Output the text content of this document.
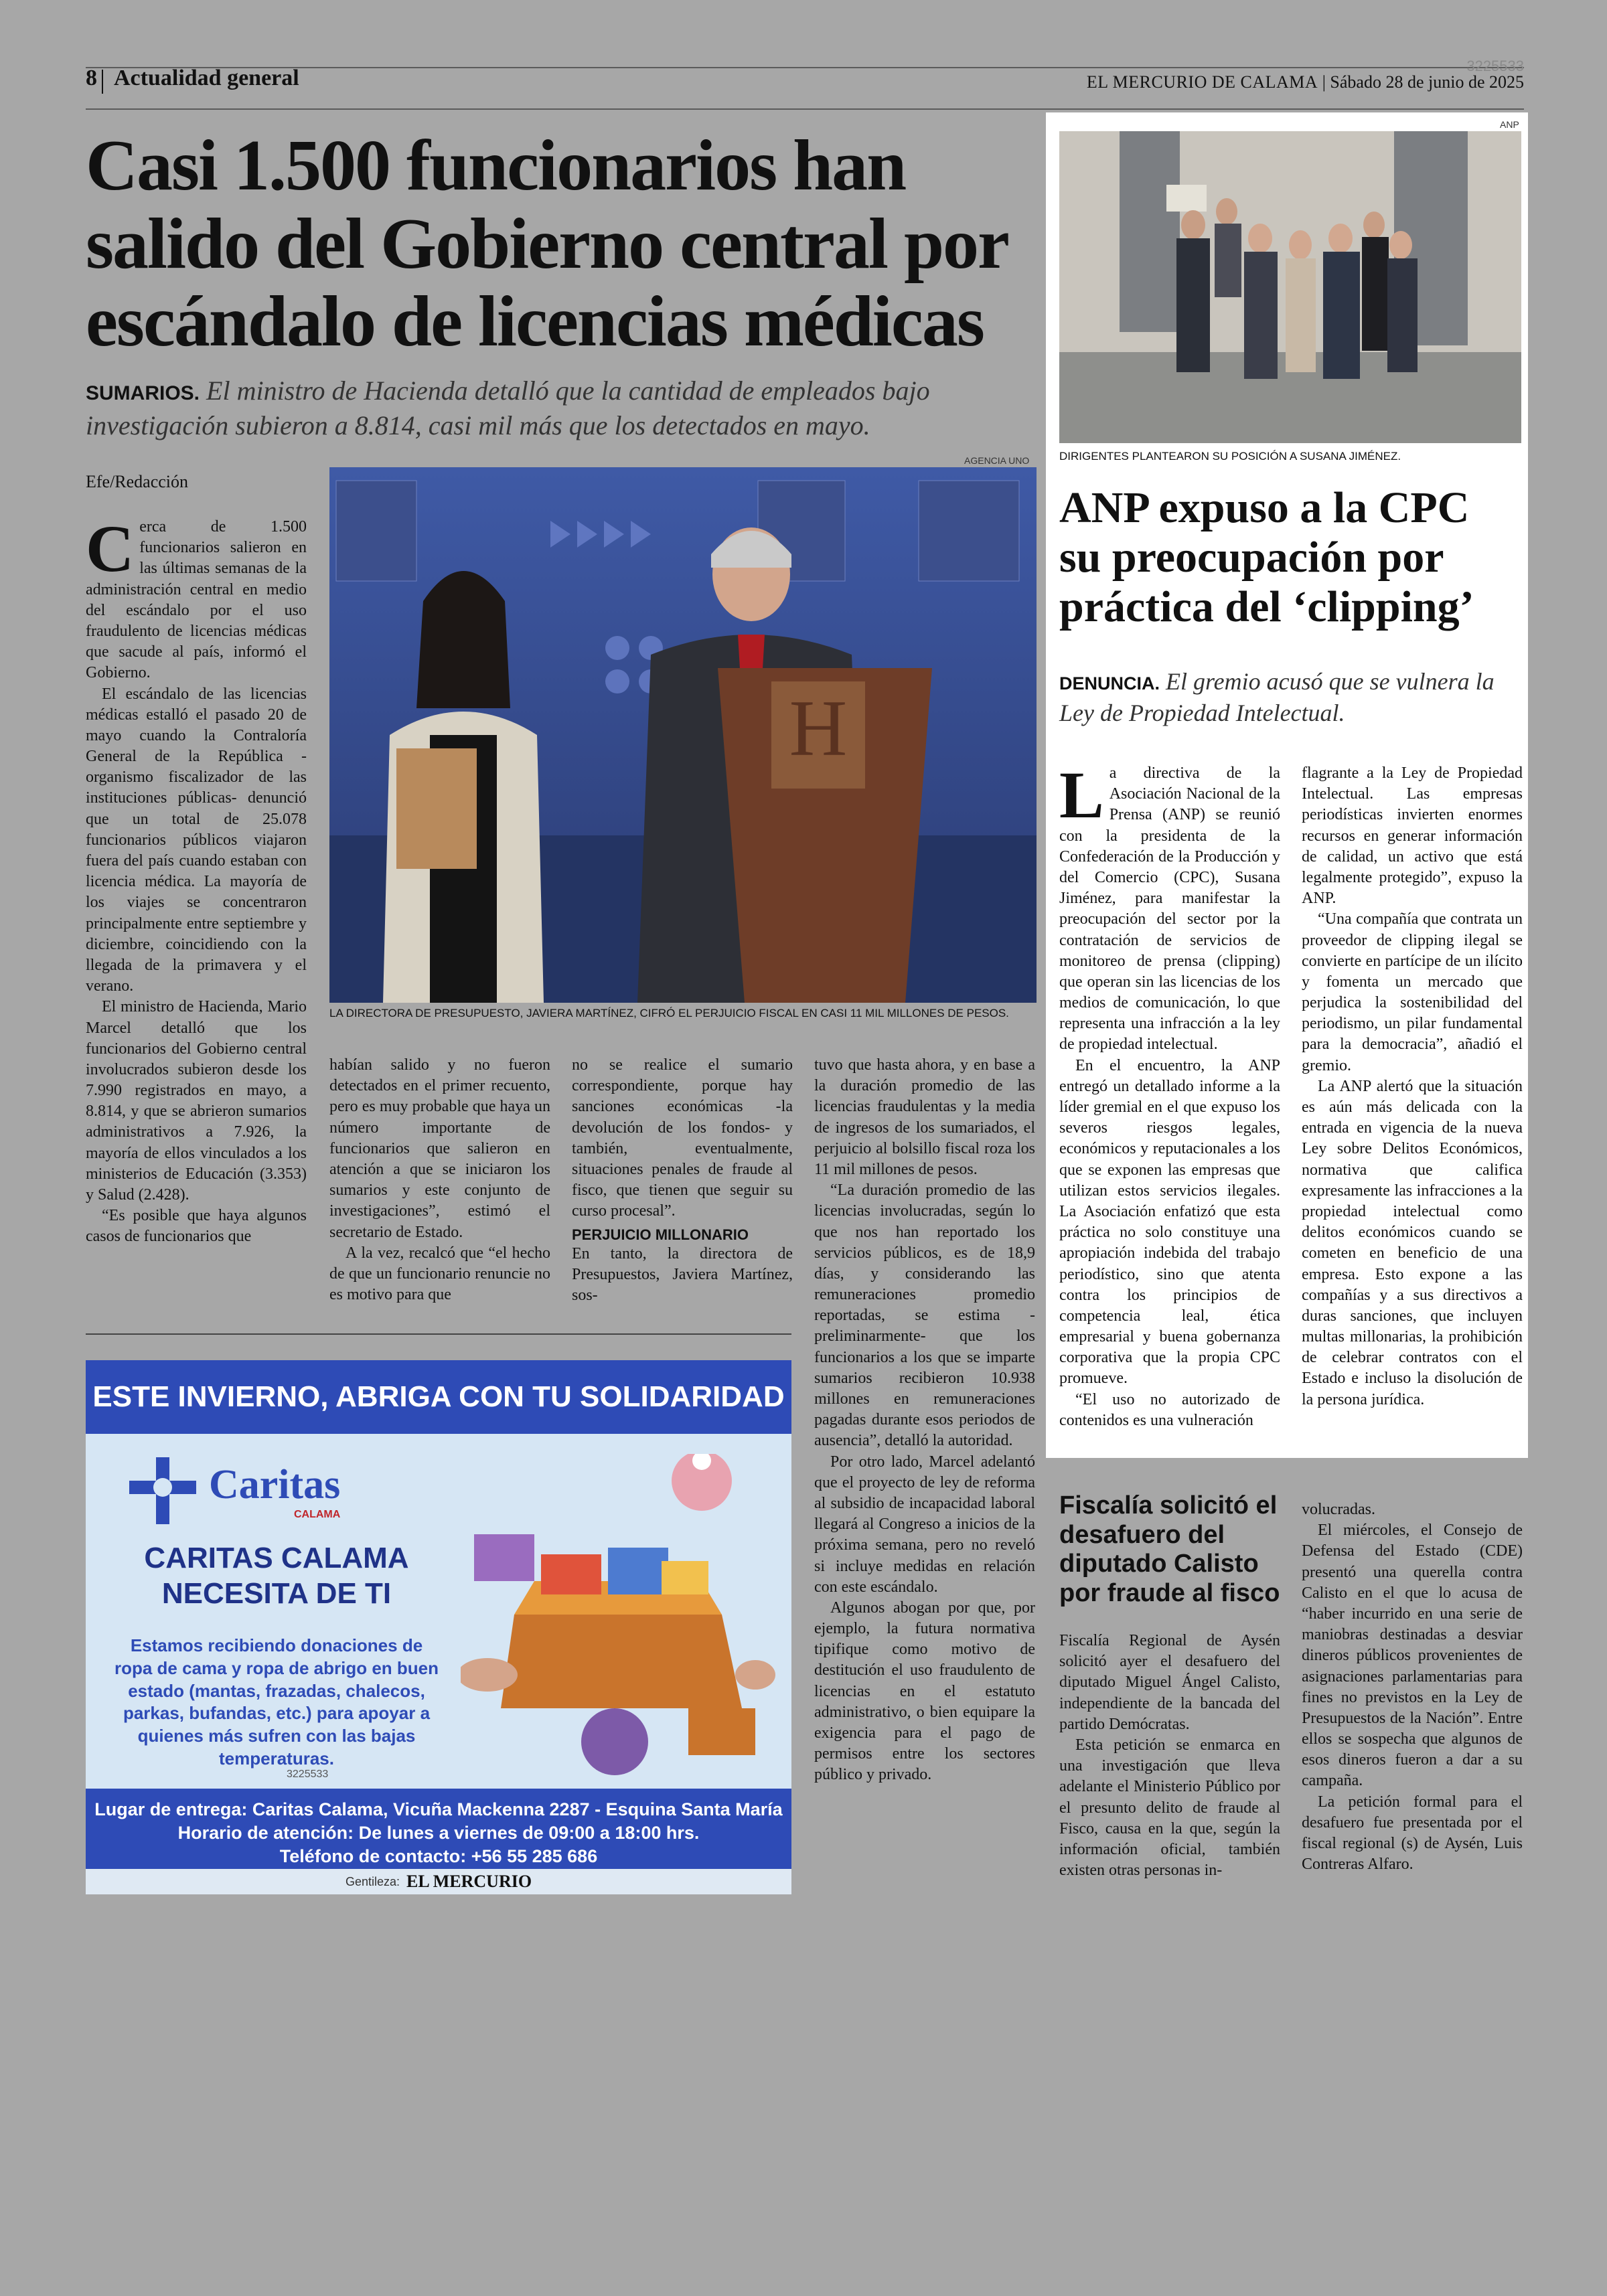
8 Actualidad general	3225533
EL MERCURIO DE CALAMA | Sábado 28 de junio de 2025
Casi 1.500 funcionarios han salido del Gobierno central por escándalo de licencias médicas
SUMARIOS. El ministro de Hacienda detalló que la cantidad de empleados bajo investigación subieron a 8.814, casi mil más que los detectados en mayo.
Efe/Redacción
AGENCIA UNO
H
LA DIRECTORA DE PRESUPUESTO, JAVIERA MARTÍNEZ, CIFRÓ EL PERJUICIO FISCAL EN CASI 11 MIL MILLONES DE PESOS.

Cerca de 1.500 funcionarios salieron en las últimas semanas de la administración central en medio del escándalo por el uso fraudulento de licencias médicas que sacude al país, informó el Gobierno.

El escándalo de las licencias médicas estalló el pasado 20 de mayo cuando la Contraloría General de la República -organismo fiscalizador de las instituciones públicas- denunció que un total de 25.078 funcionarios públicos viajaron fuera del país cuando estaban con licencia médica. La mayoría de los viajes se concentraron principalmente entre septiembre y diciembre, coincidiendo con la llegada de la primavera y el verano.

El ministro de Hacienda, Mario Marcel detalló que los funcionarios del Gobierno central involucrados subieron desde los 7.990 registrados en mayo, a 8.814, y que se abrieron sumarios administrativos a 7.926, la mayoría de ellos vinculados a los ministerios de Educación (3.353) y Salud (2.428).

“Es posible que haya algunos casos de funcionarios que

habían salido y no fueron detectados en el primer recuento, pero es muy probable que haya un número importante de funcionarios que salieron en atención a que se iniciaron los sumarios y este conjunto de investigaciones”, estimó el secretario de Estado.

A la vez, recalcó que “el hecho de que un funcionario renuncie no es motivo para que

no se realice el sumario correspondiente, porque hay sanciones económicas -la devolución de los fondos- y también, eventualmente, situaciones penales de fraude al fisco, que tienen que seguir su curso procesal”.

PERJUICIO MILLONARIO

En tanto, la directora de Presupuestos, Javiera Martínez, sos-

tuvo que hasta ahora, y en base a la duración promedio de las licencias fraudulentas y la media de ingresos de los sumariados, el perjuicio al bolsillo fiscal roza los 11 mil millones de pesos.

“La duración promedio de las licencias involucradas, según lo que nos han reportado los servicios públicos, es de 18,9 días, y considerando las remuneraciones promedio reportadas, se estima -preliminarmente- que los funcionarios a los que se imparte sumarios recibieron 10.938 millones en remuneraciones pagadas durante esos periodos de ausencia”, detalló la autoridad.

Por otro lado, Marcel adelantó que el proyecto de ley de reforma al subsidio de incapacidad laboral llegará al Congreso a inicios de la próxima semana, pero no reveló si incluye medidas en relación con este escándalo.

Algunos abogan por que, por ejemplo, la futura normativa tipifique como motivo de destitución el uso fraudulento de licencias en el estatuto administrativo, o bien equipare la exigencia para el pago de permisos entre los sectores público y privado.

ESTE INVIERNO, ABRIGA CON TU SOLIDARIDAD
Caritas
CALAMA
CARITAS CALAMA NECESITA DE TI
Estamos recibiendo donaciones de ropa de cama y ropa de abrigo en buen estado (mantas, frazadas, chalecos, parkas, bufandas, etc.) para apoyar a quienes más sufren con las bajas temperaturas.
3225533
Lugar de entrega: Caritas Calama, Vicuña Mackenna 2287 - Esquina Santa María
Horario de atención: De lunes a viernes de 09:00 a 18:00 hrs.
Teléfono de contacto: +56 55 285 686
Gentileza: EL MERCURIO
ANP
DIRIGENTES PLANTEARON SU POSICIÓN A SUSANA JIMÉNEZ.
ANP expuso a la CPC su preocupación por práctica del ‘clipping’
DENUNCIA. El gremio acusó que se vulnera la Ley de Propiedad Intelectual.

La directiva de la Asociación Nacional de la Prensa (ANP) se reunió con la presidenta de la Confederación de la Producción y del Comercio (CPC), Susana Jiménez, para manifestar la preocupación del sector por la contratación de servicios de monitoreo de prensa (clipping) que operan sin las licencias de los medios de comunicación, lo que representa una infracción a la ley de propiedad intelectual.

En el encuentro, la ANP entregó un detallado informe a la líder gremial en el que expuso los severos riesgos legales, económicos y reputacionales a los que se exponen las empresas que utilizan estos servicios ilegales. La Asociación enfatizó que esta práctica no solo constituye una apropiación indebida del trabajo periodístico, sino que atenta contra los principios de competencia leal, ética empresarial y buena gobernanza corporativa que la propia CPC promueve.

“El uso no autorizado de contenidos es una vulneración

flagrante a la Ley de Propiedad Intelectual. Las empresas periodísticas invierten enormes recursos en generar información de calidad, un activo que está legalmente protegido”, expuso la ANP.

“Una compañía que contrata un proveedor de clipping ilegal se convierte en partícipe de un ilícito y fomenta un mercado que perjudica la sostenibilidad del periodismo, un pilar fundamental para la democracia”, añadió el gremio.

La ANP alertó que la situación es aún más delicada con la entrada en vigencia de la nueva Ley sobre Delitos Económicos, normativa que califica expresamente las infracciones a la propiedad intelectual como delitos económicos cuando se cometen en beneficio de una empresa. Esto expone a las compañías y a sus directivos a duras sanciones, que incluyen multas millonarias, la prohibición de celebrar contratos con el Estado e incluso la disolución de la persona jurídica.

Fiscalía solicitó el desafuero del diputado Calisto por fraude al fisco

Fiscalía Regional de Aysén solicitó ayer el desafuero del diputado Miguel Ángel Calisto, independiente de la bancada del partido Demócratas.

Esta petición se enmarca en una investigación que lleva adelante el Ministerio Público por el presunto delito de fraude al Fisco, causa en la que, según la información oficial, también existen otras personas in-

volucradas.

El miércoles, el Consejo de Defensa del Estado (CDE) presentó una querella contra Calisto en el que lo acusa de “haber incurrido en una serie de maniobras destinadas a desviar dineros públicos provenientes de asignaciones parlamentarias para fines no previstos en la Ley de Presupuestos de la Nación”. Entre ellos se sospecha que algunos de esos dineros fueron a dar a su campaña.

La petición formal para el desafuero fue presentada por el fiscal regional (s) de Aysén, Luis Contreras Alfaro.
